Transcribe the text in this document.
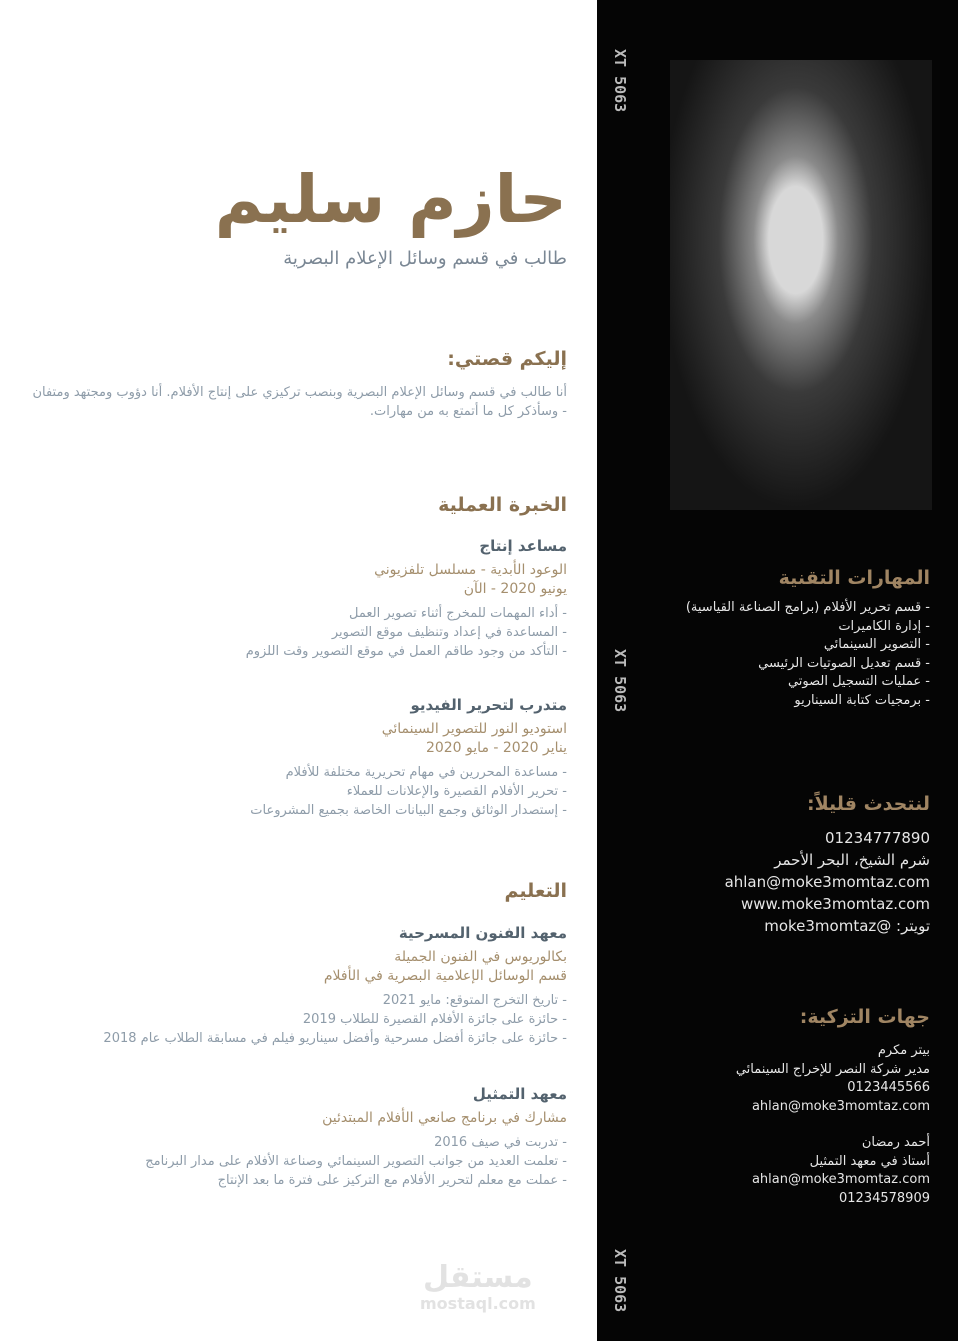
حازم سليم
طالب في قسم وسائل الإعلام البصرية
إليكم قصتي:
أنا طالب في قسم وسائل الإعلام البصرية وبنصب تركيزي على إنتاج الأفلام. أنا دؤوب ومجتهد ومتفان
- وسأذكر كل ما أتمتع به من مهارات.
الخبرة العملية
مساعد إنتاج
الوعود الأبدية - مسلسل تلفزيوني
يونيو 2020 - الآن
- أداء المهمات للمخرج أثناء تصوير العمل
- المساعدة في إعداد وتنظيف موقع التصوير
- التأكد من وجود طاقم العمل في موقع التصوير وقت اللزوم
متدرب لتحرير الفيديو
استوديو النور للتصوير السينمائي
يناير 2020 - مايو 2020
- مساعدة المحررين في مهام تحريرية مختلفة للأفلام
- تحرير الأفلام القصيرة والإعلانات للعملاء
- إستصدار الوثائق وجمع البيانات الخاصة بجميع المشروعات
التعليم
معهد الفنون المسرحية
بكالوريوس في الفنون الجميلة
قسم الوسائل الإعلامية البصرية في الأفلام
- تاريخ التخرج المتوقع: مايو 2021
- حائزة على جائزة الأفلام القصيرة للطلاب 2019
- حائزة على جائزة أفضل مسرحية وأفضل سيناريو فيلم في مسابقة الطلاب عام 2018
معهد التمثيل
مشارك في برنامج صانعي الأفلام المبتدئين
- تدربت في صيف 2016
- تعلمت العديد من جوانب التصوير السينمائي وصناعة الأفلام على مدار البرنامج
- عملت مع معلم لتحرير الأفلام مع التركيز على فترة ما بعد الإنتاج
مستقل
mostaql.com
XT 5063
XT 5063
XT 5063
المهارات التقنية
- قسم تحرير الأفلام (برامج الصناعة القياسية)
- إدارة الكاميرات
- التصوير السينمائي
- قسم تعديل الصوتيات الرئيسي
- عمليات التسجيل الصوتي
- برمجيات كتابة السيناريو
لنتحدث قليلاً:
01234777890
شرم الشيخ، البحر الأحمر
ahlan@moke3momtaz.com
www.moke3momtaz.com
تويتر: @moke3momtaz
جهات التزكية:
بيتر مكرم
مدير شركة النصر للإخراج السينمائي
0123445566
ahlan@moke3momtaz.com
أحمد رمضان
أستاذ في معهد التمثيل
ahlan@moke3momtaz.com
01234578909
